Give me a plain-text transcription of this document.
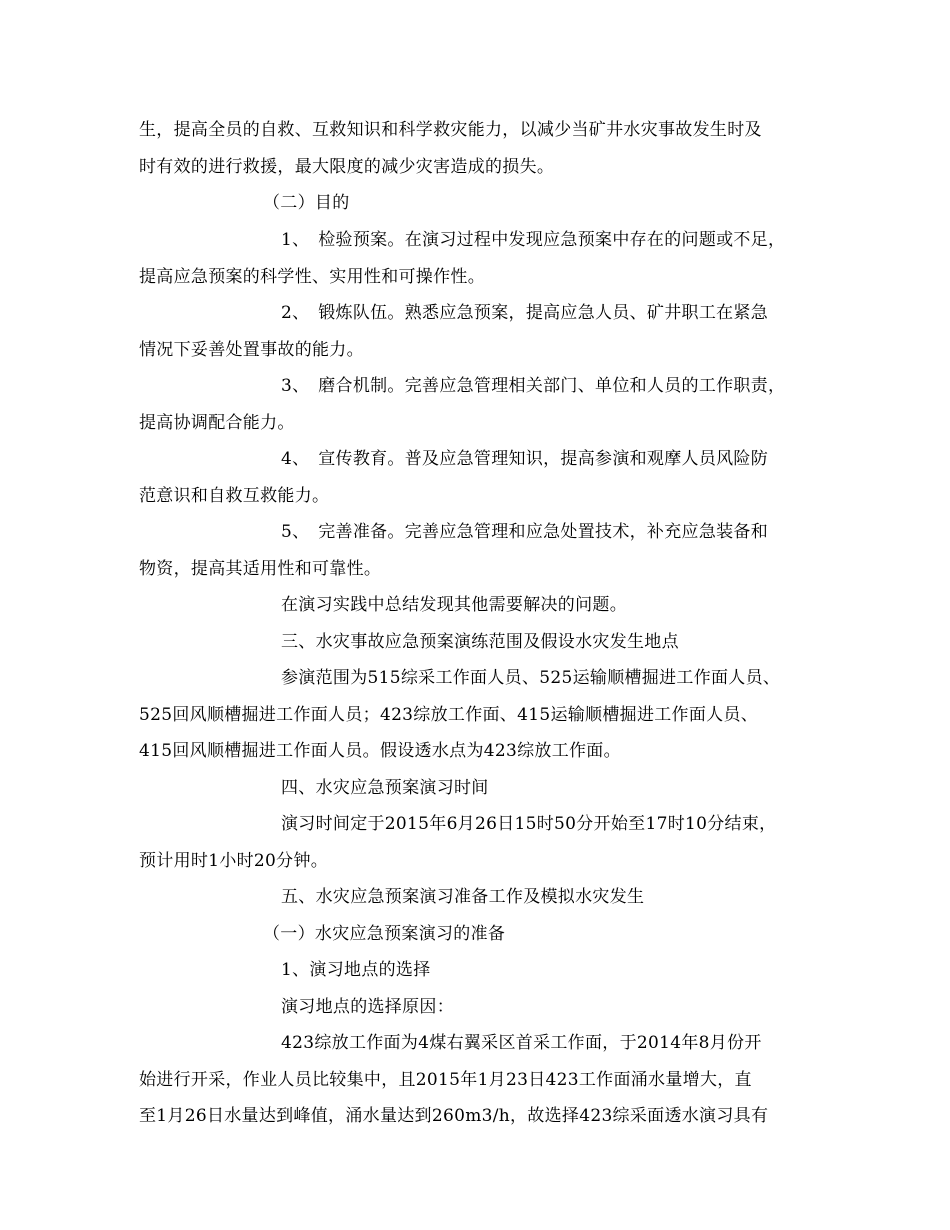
生，提高全员的自救、互救知识和科学救灾能力，以减少当矿井水灾事故发生时及
时有效的进行救援，最大限度的减少灾害造成的损失。
（二）目的
1、　检验预案。在演习过程中发现应急预案中存在的问题或不足，
提高应急预案的科学性、实用性和可操作性。
2、　锻炼队伍。熟悉应急预案，提高应急人员、矿井职工在紧急
情况下妥善处置事故的能力。
3、　磨合机制。完善应急管理相关部门、单位和人员的工作职责，
提高协调配合能力。
4、　宣传教育。普及应急管理知识，提高参演和观摩人员风险防
范意识和自救互救能力。
5、　完善准备。完善应急管理和应急处置技术，补充应急装备和
物资，提高其适用性和可靠性。
在演习实践中总结发现其他需要解决的问题。
三、水灾事故应急预案演练范围及假设水灾发生地点
参演范围为515综采工作面人员、525运输顺槽掘进工作面人员、
525回风顺槽掘进工作面人员；423综放工作面、415运输顺槽掘进工作面人员、
415回风顺槽掘进工作面人员。假设透水点为423综放工作面。
四、水灾应急预案演习时间
演习时间定于2015年6月26日15时50分开始至17时10分结束，
预计用时1小时20分钟。
五、水灾应急预案演习准备工作及模拟水灾发生
（一）水灾应急预案演习的准备
1、演习地点的选择
演习地点的选择原因：
423综放工作面为4煤右翼采区首采工作面，于2014年8月份开
始进行开采，作业人员比较集中，且2015年1月23日423工作面涌水量增大，直
至1月26日水量达到峰值，涌水量达到260m3/h，故选择423综采面透水演习具有
